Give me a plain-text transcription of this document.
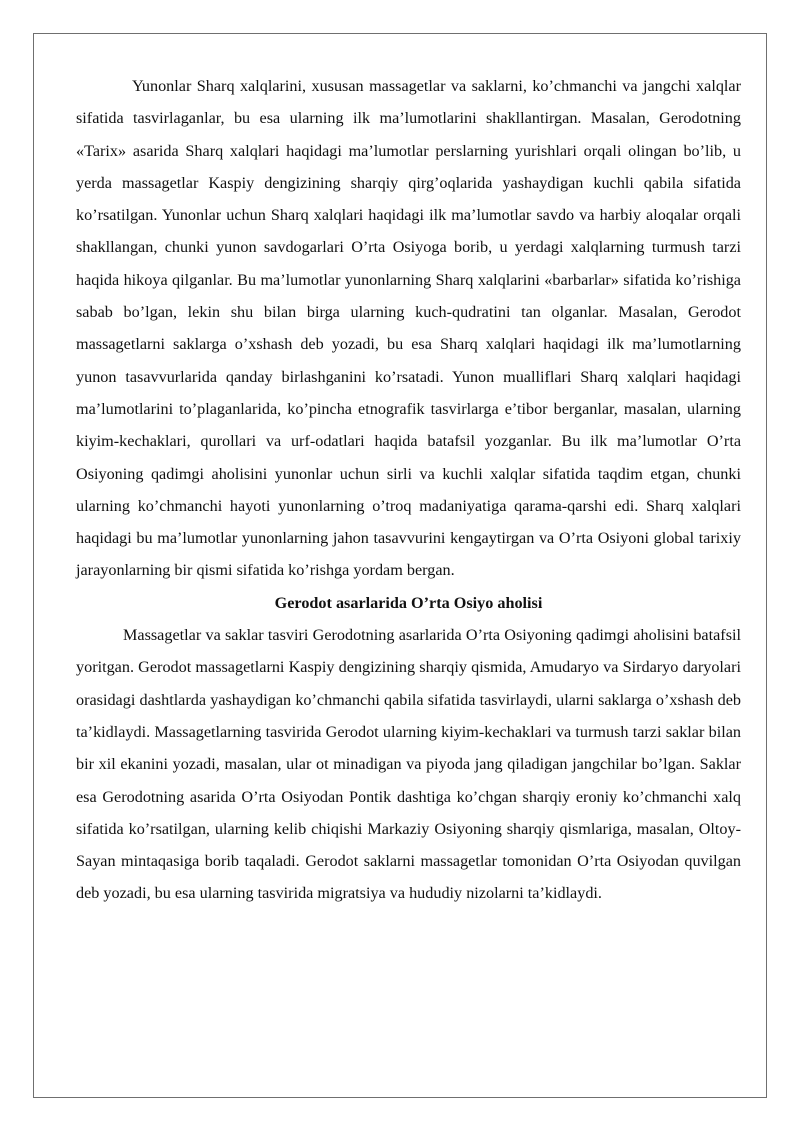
Yunonlar Sharq xalqlarini, xususan massagetlar va saklarni, ko’chmanchi va jangchi xalqlar sifatida tasvirlaganlar, bu esa ularning ilk ma’lumotlarini shakllantirgan. Masalan, Gerodotning «Tarix» asarida Sharq xalqlari haqidagi ma’lumotlar perslarning yurishlari orqali olingan bo’lib, u yerda massagetlar Kaspiy dengizining sharqiy qirg’oqlarida yashaydigan kuchli qabila sifatida ko’rsatilgan. Yunonlar uchun Sharq xalqlari haqidagi ilk ma’lumotlar savdo va harbiy aloqalar orqali shakllangan, chunki yunon savdogarlari O’rta Osiyoga borib, u yerdagi xalqlarning turmush tarzi haqida hikoya qilganlar. Bu ma’lumotlar yunonlarning Sharq xalqlarini «barbarlar» sifatida ko’rishiga sabab bo’lgan, lekin shu bilan birga ularning kuch-qudratini tan olganlar. Masalan, Gerodot massagetlarni saklarga o’xshash deb yozadi, bu esa Sharq xalqlari haqidagi ilk ma’lumotlarning yunon tasavvurlarida qanday birlashganini ko’rsatadi. Yunon mualliflari Sharq xalqlari haqidagi ma’lumotlarini to’plaganlarida, ko’pincha etnografik tasvirlarga e’tibor berganlar, masalan, ularning kiyim-kechaklari, qurollari va urf-odatlari haqida batafsil yozganlar. Bu ilk ma’lumotlar O’rta Osiyoning qadimgi aholisini yunonlar uchun sirli va kuchli xalqlar sifatida taqdim etgan, chunki ularning ko’chmanchi hayoti yunonlarning o’troq madaniyatiga qarama-qarshi edi. Sharq xalqlari haqidagi bu ma’lumotlar yunonlarning jahon tasavvurini kengaytirgan va O’rta Osiyoni global tarixiy jarayonlarning bir qismi sifatida ko’rishga yordam bergan.

Gerodot asarlarida O’rta Osiyo aholisi

Massagetlar va saklar tasviri Gerodotning asarlarida O’rta Osiyoning qadimgi aholisini batafsil yoritgan. Gerodot massagetlarni Kaspiy dengizining sharqiy qismida, Amudaryo va Sirdaryo daryolari orasidagi dashtlarda yashaydigan ko’chmanchi qabila sifatida tasvirlaydi, ularni saklarga o’xshash deb ta’kidlaydi. Massagetlarning tasvirida Gerodot ularning kiyim-kechaklari va turmush tarzi saklar bilan bir xil ekanini yozadi, masalan, ular ot minadigan va piyoda jang qiladigan jangchilar bo’lgan. Saklar esa Gerodotning asarida O’rta Osiyodan Pontik dashtiga ko’chgan sharqiy eroniy ko’chmanchi xalq sifatida ko’rsatilgan, ularning kelib chiqishi Markaziy Osiyoning sharqiy qismlariga, masalan, Oltoy-Sayan mintaqasiga borib taqaladi. Gerodot saklarni massagetlar tomonidan O’rta Osiyodan quvilgan deb yozadi, bu esa ularning tasvirida migratsiya va hududiy nizolarni ta’kidlaydi.
